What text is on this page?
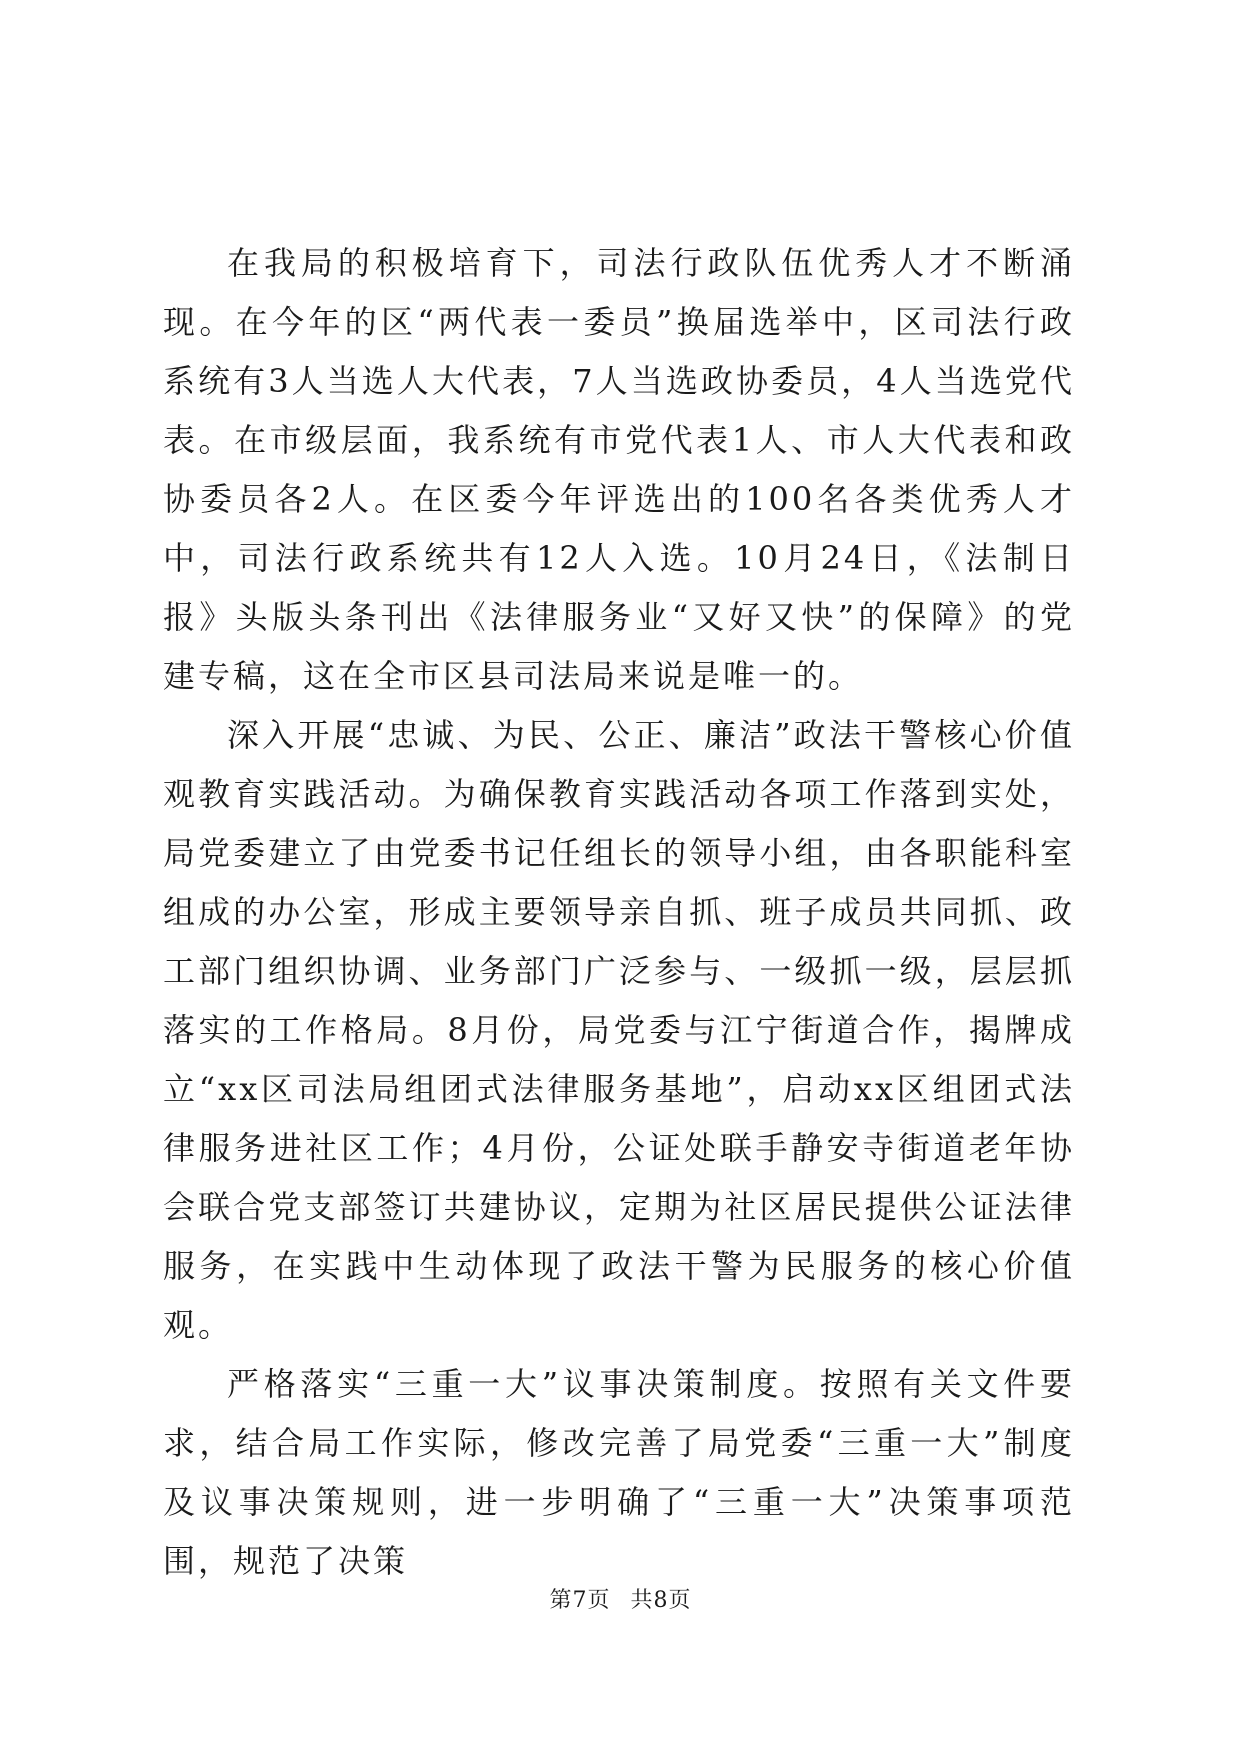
在我局的积极培育下，司法行政队伍优秀人才不断涌现。在今年的区“两代表一委员”换届选举中，区司法行政系统有3人当选人大代表，7人当选政协委员，4人当选党代表。在市级层面，我系统有市党代表1人、市人大代表和政协委员各2人。在区委今年评选出的100名各类优秀人才中，司法行政系统共有12人入选。10月24日，《法制日报》头版头条刊出《法律服务业“又好又快”的保障》的党建专稿，这在全市区县司法局来说是唯一的。

深入开展“忠诚、为民、公正、廉洁”政法干警核心价值观教育实践活动。为确保教育实践活动各项工作落到实处，局党委建立了由党委书记任组长的领导小组，由各职能科室组成的办公室，形成主要领导亲自抓、班子成员共同抓、政工部门组织协调、业务部门广泛参与、一级抓一级，层层抓落实的工作格局。8月份，局党委与江宁街道合作，揭牌成立“xx区司法局组团式法律服务基地”，启动xx区组团式法律服务进社区工作；4月份，公证处联手静安寺街道老年协会联合党支部签订共建协议，定期为社区居民提供公证法律服务，在实践中生动体现了政法干警为民服务的核心价值观。

严格落实“三重一大”议事决策制度。按照有关文件要求，结合局工作实际，修改完善了局党委“三重一大”制度及议事决策规则，进一步明确了“三重一大”决策事项范围，规范了决策

第7页 共8页
